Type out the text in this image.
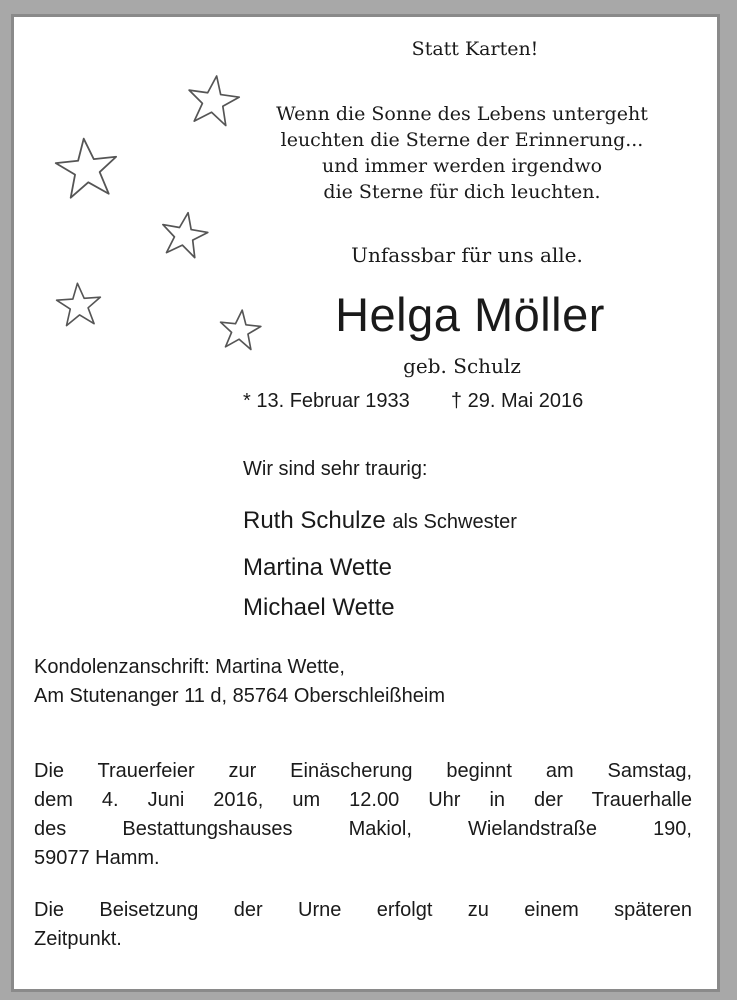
Statt Karten!

Wenn die Sonne des Lebens untergeht
leuchten die Sterne der Erinnerung...
und immer werden irgendwo
die Sterne für dich leuchten.

Unfassbar für uns alle.

Helga Möller

geb. Schulz

* 13. Februar 1933 † 29. Mai 2016

Wir sind sehr traurig:

Ruth Schulze als Schwester

Martina Wette

Michael Wette

Kondolenzanschrift: Martina Wette,
Am Stutenanger 11 d, 85764 Oberschleißheim
Die Trauerfeier zur Einäscherung beginnt am Samstag,
dem 4. Juni 2016, um 12.00 Uhr in der Trauerhalle
des Bestattungshauses Makiol, Wielandstraße 190,
59077 Hamm.
Die Beisetzung der Urne erfolgt zu einem späteren
Zeitpunkt.
